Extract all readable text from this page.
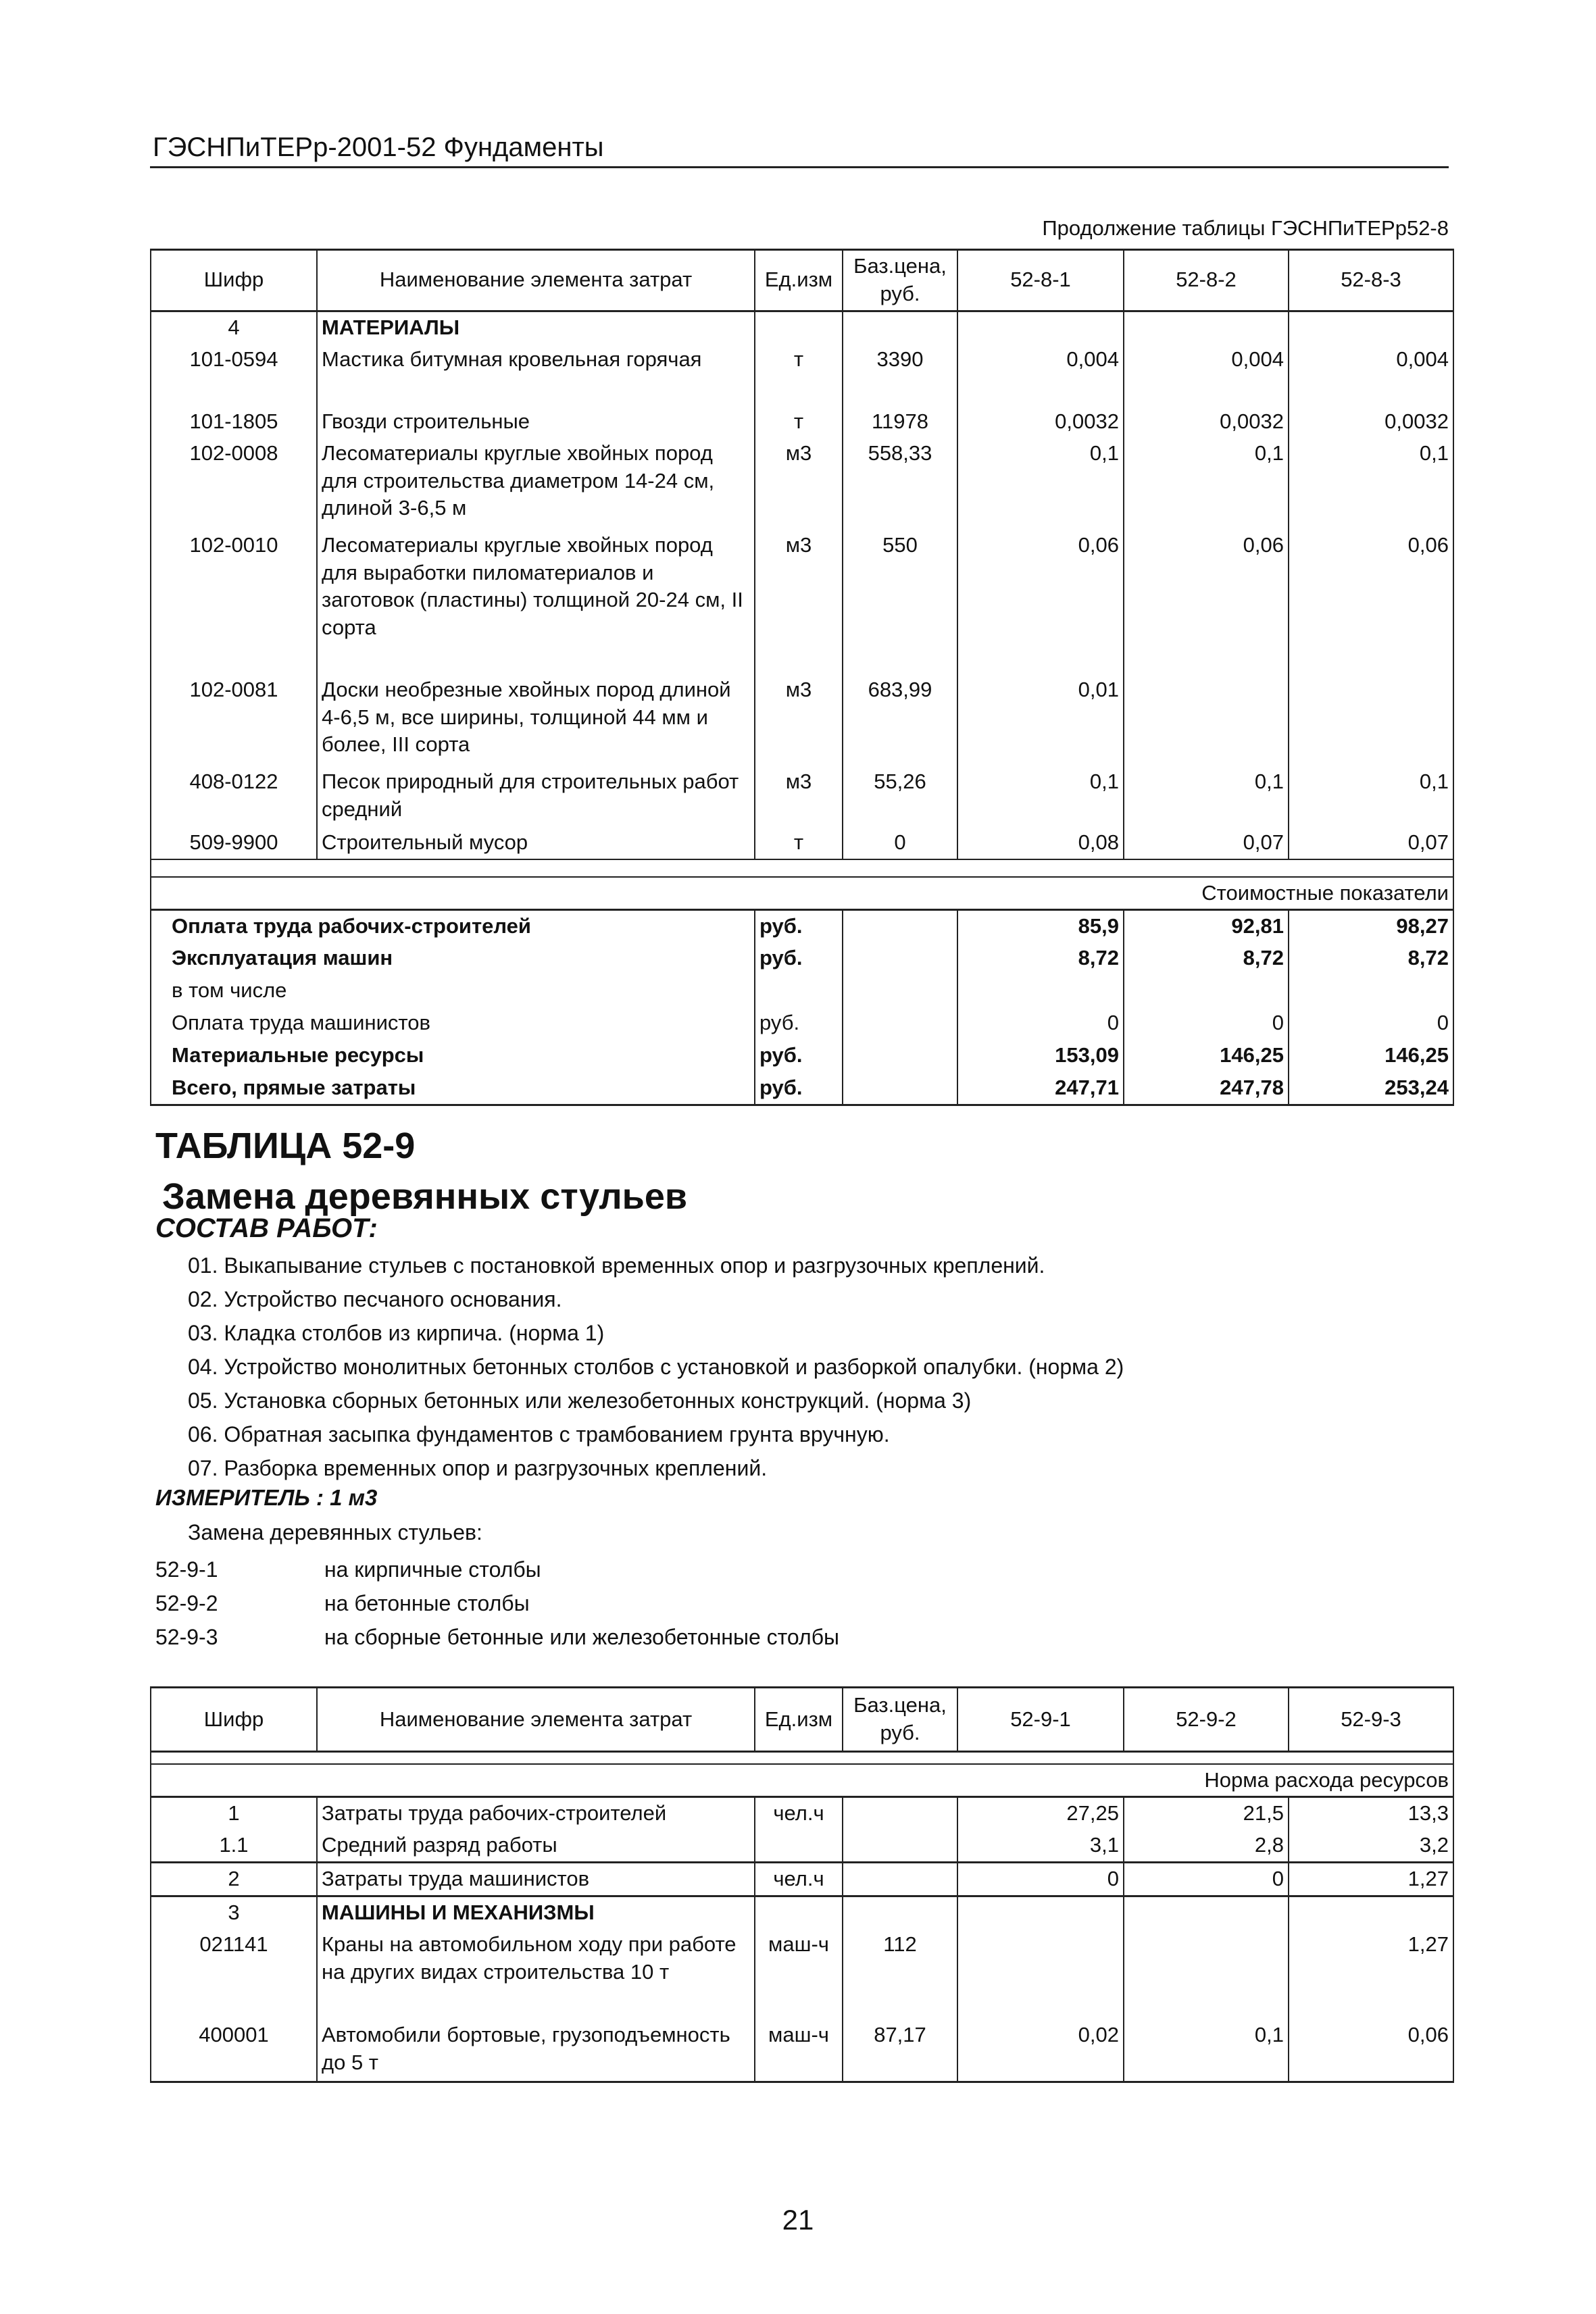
ГЭСНПиТЕРр-2001-52 Фундаменты
Продолжение таблицы ГЭСНПиТЕРр52-8
Шифр	Наименование элемента затрат	Ед.изм	Баз.цена, руб.	52-8-1	52-8-2	52-8-3
4	МАТЕРИАЛЫ					
101-0594	Мастика битумная кровельная горячая	т	3390	0,004	0,004	0,004
101-1805	Гвозди строительные	т	11978	0,0032	0,0032	0,0032
102-0008	Лесоматериалы круглые хвойных пород для строительства диаметром 14-24 см, длиной 3-6,5 м	м3	558,33	0,1	0,1	0,1
102-0010	Лесоматериалы круглые хвойных пород для выработки пиломатериалов и заготовок (пластины) толщиной 20-24 см, II сорта	м3	550	0,06	0,06	0,06
102-0081	Доски необрезные хвойных пород длиной 4-6,5 м, все ширины, толщиной 44 мм и более, III сорта	м3	683,99	0,01		
408-0122	Песок природный для строительных работ средний	м3	55,26	0,1	0,1	0,1
509-9900	Строительный мусор	т	0	0,08	0,07	0,07

Стоимостные показатели						
Оплата труда рабочих-строителей		руб.		85,9	92,81	98,27
Эксплуатация машин		руб.		8,72	8,72	8,72
в том числе						
Оплата труда машинистов		руб.		0	0	0
Материальные ресурсы		руб.		153,09	146,25	146,25
Всего, прямые затраты		руб.		247,71	247,78	253,24
ТАБЛИЦА 52-9
Замена деревянных стульев
СОСТАВ РАБОТ:
01. Выкапывание стульев с постановкой временных опор и разгрузочных креплений.
02. Устройство песчаного основания.
03. Кладка столбов из кирпича. (норма 1)
04. Устройство монолитных бетонных столбов с установкой и разборкой опалубки. (норма 2)
05. Установка сборных бетонных или железобетонных конструкций. (норма 3)
06. Обратная засыпка фундаментов с трамбованием грунта вручную.
07. Разборка временных опор и разгрузочных креплений.
ИЗМЕРИТЕЛЬ : 1 м3
Замена деревянных стульев:
52-9-1	на кирпичные столбы
52-9-2	на бетонные столбы
52-9-3	на сборные бетонные или железобетонные столбы
Шифр	Наименование элемента затрат	Ед.изм	Баз.цена, руб.	52-9-1	52-9-2	52-9-3

Норма расхода ресурсов						
1	Затраты труда рабочих-строителей	чел.ч		27,25	21,5	13,3
1.1	Средний разряд работы			3,1	2,8	3,2
2	Затраты труда машинистов	чел.ч		0	0	1,27
3	МАШИНЫ И МЕХАНИЗМЫ					
021141	Краны на автомобильном ходу при работе на других видах строительства 10 т	маш-ч	112			1,27
400001	Автомобили бортовые, грузоподъемность до 5 т	маш-ч	87,17	0,02	0,1	0,06
21
